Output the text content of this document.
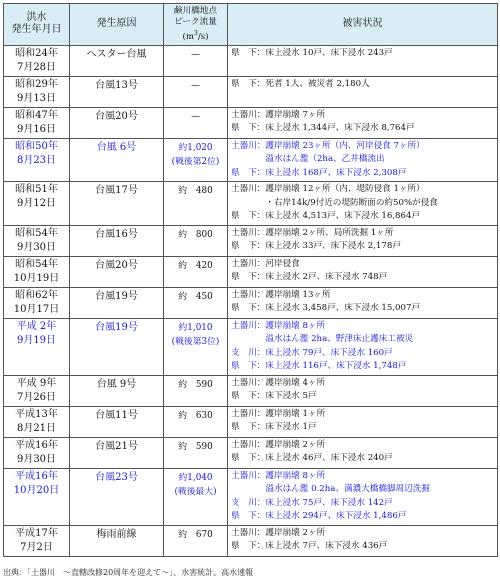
洪水
発生年月日	発生原因	鹸川橋地点
ピーク流量
$(m^3/s)$	被害状況

昭和24年
7月28日	ヘスター台風	—	県　下：床上浸水 10戸、床下浸水 243戸

昭和29年
9月13日	台風13号	—	県　下：死者 1人、被災者 2,180人

昭和47年
9月16日	台風20号	—	土器川：護岸崩壊 7ヶ所
県　下：床上浸水 1,344戸、床下浸水 8,764戸

昭和50年
8月23日	台風 6号	約1,020
(戦後第2位)	土器川：護岸崩壊 23ヶ所（内、河岸侵食 7ヶ所）
　　　　溢水はん濫（2ha、乙井橋流出
県　下：床上浸水 168戸、床下浸水 2,308戸

昭和51年
9月12日	台風17号	約　480	土器川：護岸崩壊 12ヶ所（内、堤防侵食 1ヶ所）
　　　　・右岸14k/9付近の堤防断面の約50%が侵食
県　下：床上浸水 4,513戸、床下浸水 16,864戸

昭和54年
9月30日	台風16号	約　800	土器川：護岸崩壊 2ヶ所、局所洗掘 1ヶ所
県　下：床上浸水 33戸、床下浸水 2,178戸

昭和54年
10月19日	台風20号	約　420	土器川：河岸侵食
県　下：床上浸水 2戸、床下浸水 748戸

昭和62年
10月17日	台風19号	約　450	土器川：護岸崩壊 13ヶ所
県　下：床上浸水 3,458戸、床下浸水 15,007戸

平成 2年
9月19日	台風19号	約1,010
(戦後第3位)	土器川：護岸崩壊 8ヶ所
　　　　溢水はん濫 2ha、野津床止護床工被災
支　川：床上浸水 79戸、床下浸水 160戸
県　下：床上浸水 116戸、床下浸水 1,748戸

平成 9年
7月26日	台風 9号	約　590	土器川：護岸崩壊 4ヶ所
県　下：床下浸水 5戸

平成13年
8月21日	台風11号	約　630	土器川：護岸崩壊 1ヶ所
県　下：床下浸水 1戸

平成16年
9月30日	台風21号	約　590	土器川：護岸崩壊 2ヶ所
県　下：床上浸水 46戸、床下浸水 240戸

平成16年
10月20日	台風23号	約1,040
(戦後最大)	土器川：護岸崩壊 8ヶ所
　　　　溢水はん濫 0.2ha、満濃大橋橋脚周辺洗掘
支　川：床上浸水 75戸、床下浸水 142戸
県　下：床上浸水 294戸、床下浸水 1,486戸

平成17年
7月2日	梅雨前線	約　670	土器川：護岸崩壊 2ヶ所
県　下：床上浸水 7戸、床下浸水 436戸
出典：「土器川　〜直轄改修20周年を迎えて〜」、水害統計、高水速報
